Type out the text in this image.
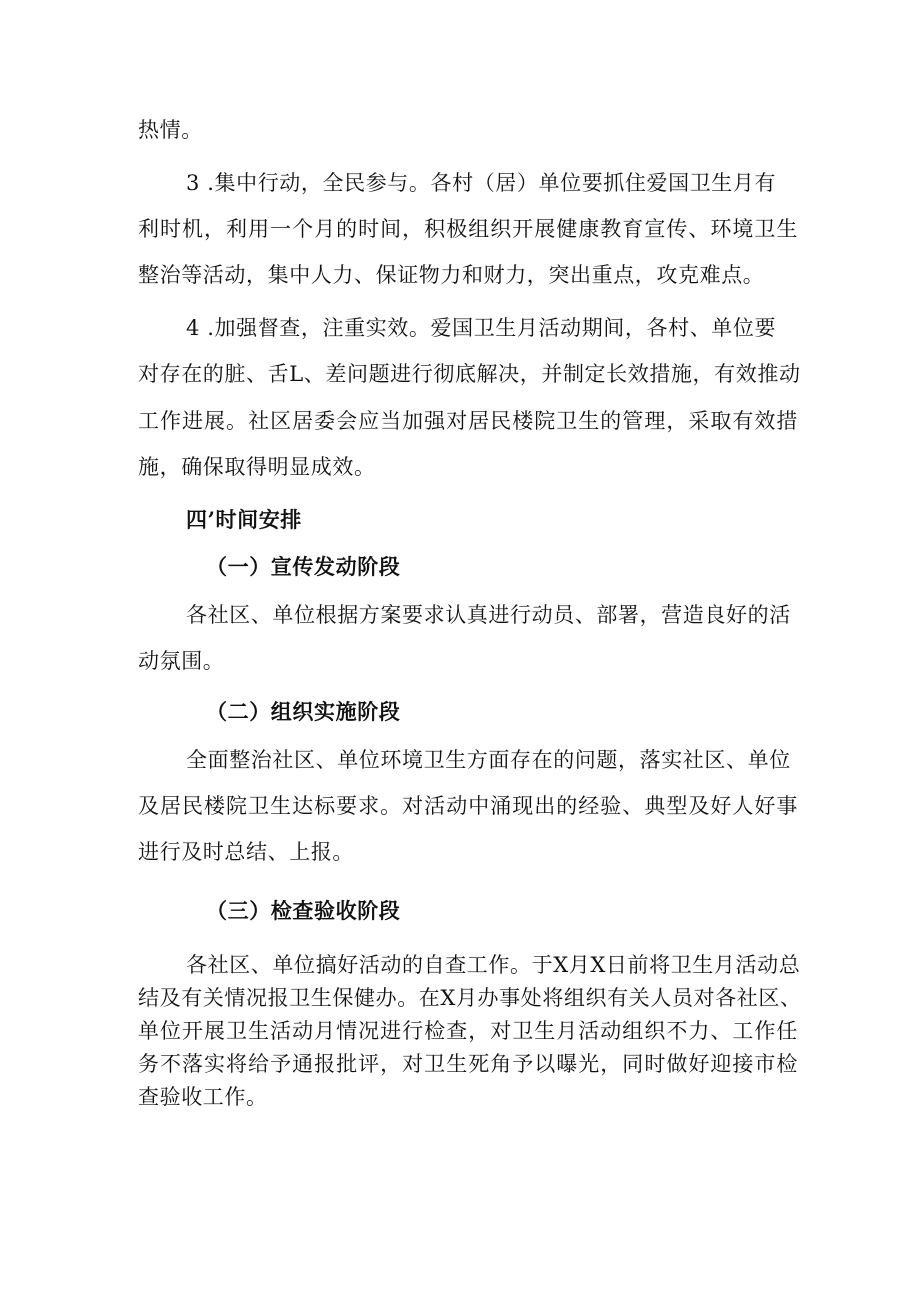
热情。
3 .集中行动，全民参与。各村（居）单位要抓住爱国卫生月有
利时机，利用一个月的时间，积极组织开展健康教育宣传、环境卫生
整治等活动，集中人力、保证物力和财力，突出重点，攻克难点。
4 .加强督查，注重实效。爱国卫生月活动期间，各村、单位要
对存在的脏、舌L、差问题进行彻底解决，并制定长效措施，有效推动
工作进展。社区居委会应当加强对居民楼院卫生的管理，采取有效措
施，确保取得明显成效。
四’时间安排
（一）宣传发动阶段
各社区、单位根据方案要求认真进行动员、部署，营造良好的活
动氛围。
（二）组织实施阶段
全面整治社区、单位环境卫生方面存在的问题，落实社区、单位
及居民楼院卫生达标要求。对活动中涌现出的经验、典型及好人好事
进行及时总结、上报。
（三）检查验收阶段
各社区、单位搞好活动的自查工作。于X月X日前将卫生月活动总
结及有关情况报卫生保健办。在X月办事处将组织有关人员对各社区、
单位开展卫生活动月情况进行检查，对卫生月活动组织不力、工作任
务不落实将给予通报批评，对卫生死角予以曝光，同时做好迎接市检
查验收工作。
